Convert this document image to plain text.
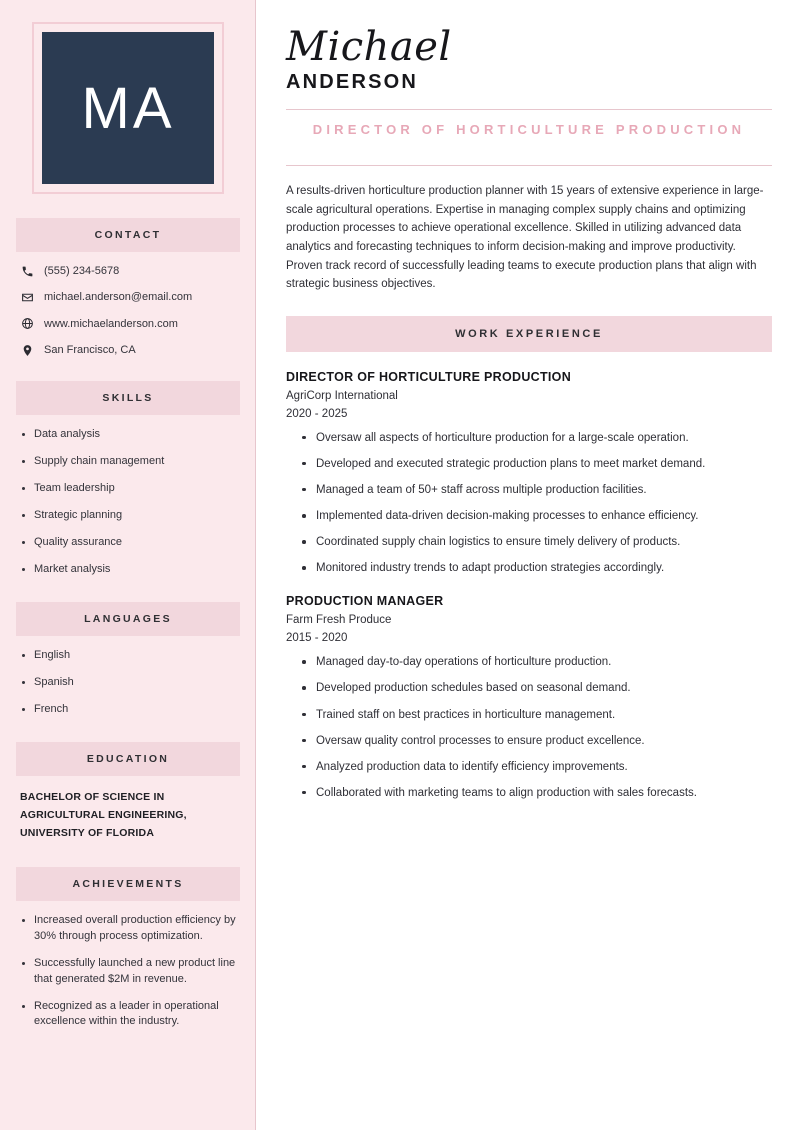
MA
CONTACT
(555) 234-5678
michael.anderson@email.com
www.michaelanderson.com
San Francisco, CA
SKILLS
Data analysis
Supply chain management
Team leadership
Strategic planning
Quality assurance
Market analysis
LANGUAGES
English
Spanish
French
EDUCATION
BACHELOR OF SCIENCE IN AGRICULTURAL ENGINEERING, UNIVERSITY OF FLORIDA
ACHIEVEMENTS
Increased overall production efficiency by 30% through process optimization.
Successfully launched a new product line that generated $2M in revenue.
Recognized as a leader in operational excellence within the industry.
Michael
ANDERSON
DIRECTOR OF HORTICULTURE PRODUCTION

A results-driven horticulture production planner with 15 years of extensive experience in large-scale agricultural operations. Expertise in managing complex supply chains and optimizing production processes to achieve operational excellence. Skilled in utilizing advanced data analytics and forecasting techniques to inform decision-making and improve productivity. Proven track record of successfully leading teams to execute production plans that align with strategic business objectives.

WORK EXPERIENCE
DIRECTOR OF HORTICULTURE PRODUCTION
AgriCorp International
2020 - 2025
Oversaw all aspects of horticulture production for a large-scale operation.
Developed and executed strategic production plans to meet market demand.
Managed a team of 50+ staff across multiple production facilities.
Implemented data-driven decision-making processes to enhance efficiency.
Coordinated supply chain logistics to ensure timely delivery of products.
Monitored industry trends to adapt production strategies accordingly.
PRODUCTION MANAGER
Farm Fresh Produce
2015 - 2020
Managed day-to-day operations of horticulture production.
Developed production schedules based on seasonal demand.
Trained staff on best practices in horticulture management.
Oversaw quality control processes to ensure product excellence.
Analyzed production data to identify efficiency improvements.
Collaborated with marketing teams to align production with sales forecasts.
